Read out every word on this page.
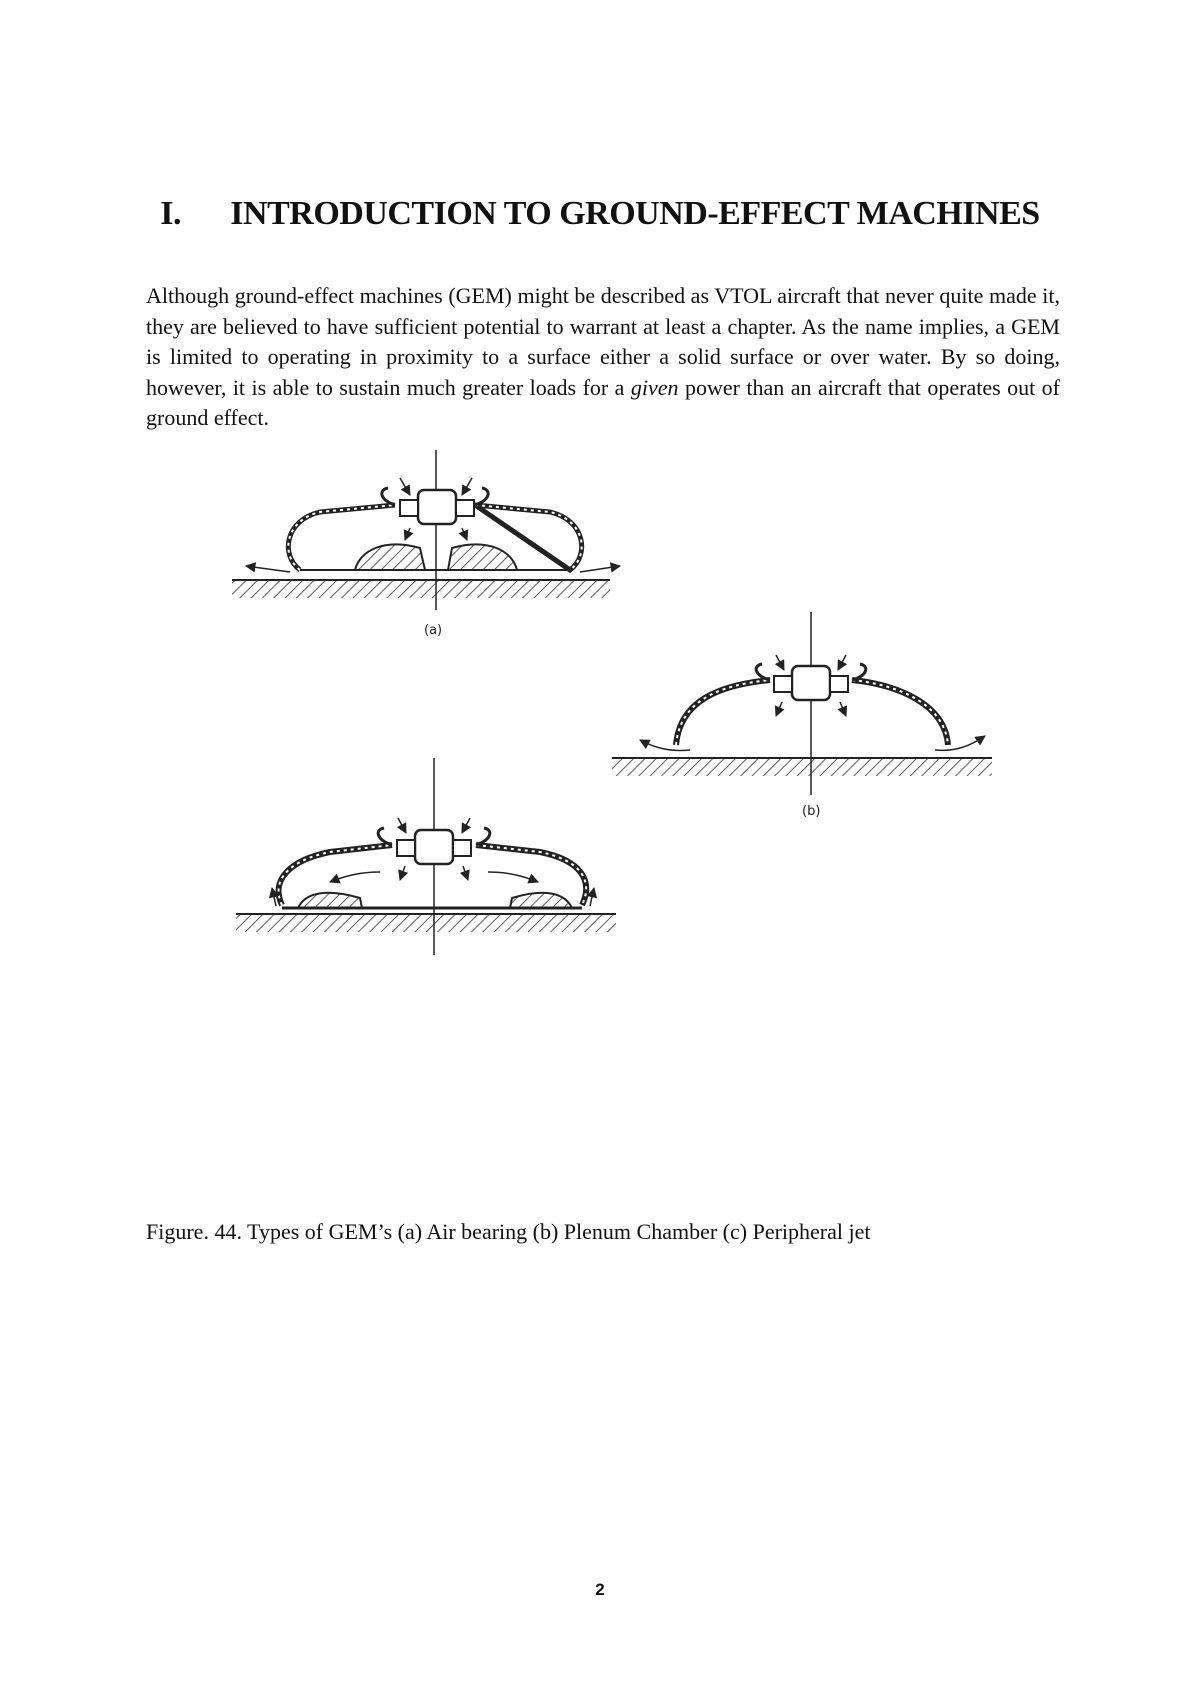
I. INTRODUCTION TO GROUND-EFFECT MACHINES

Although ground-effect machines (GEM) might be described as VTOL aircraft that never quite made it, they are believed to have sufficient potential to warrant at least a chapter. As the name implies, a GEM is limited to operating in proximity to a surface either a solid surface or over water. By so doing, however, it is able to sustain much greater loads for a given power than an aircraft that operates out of ground effect.

(a)
(b)
Figure. 44. Types of GEM’s (a) Air bearing (b) Plenum Chamber (c) Peripheral jet
2
